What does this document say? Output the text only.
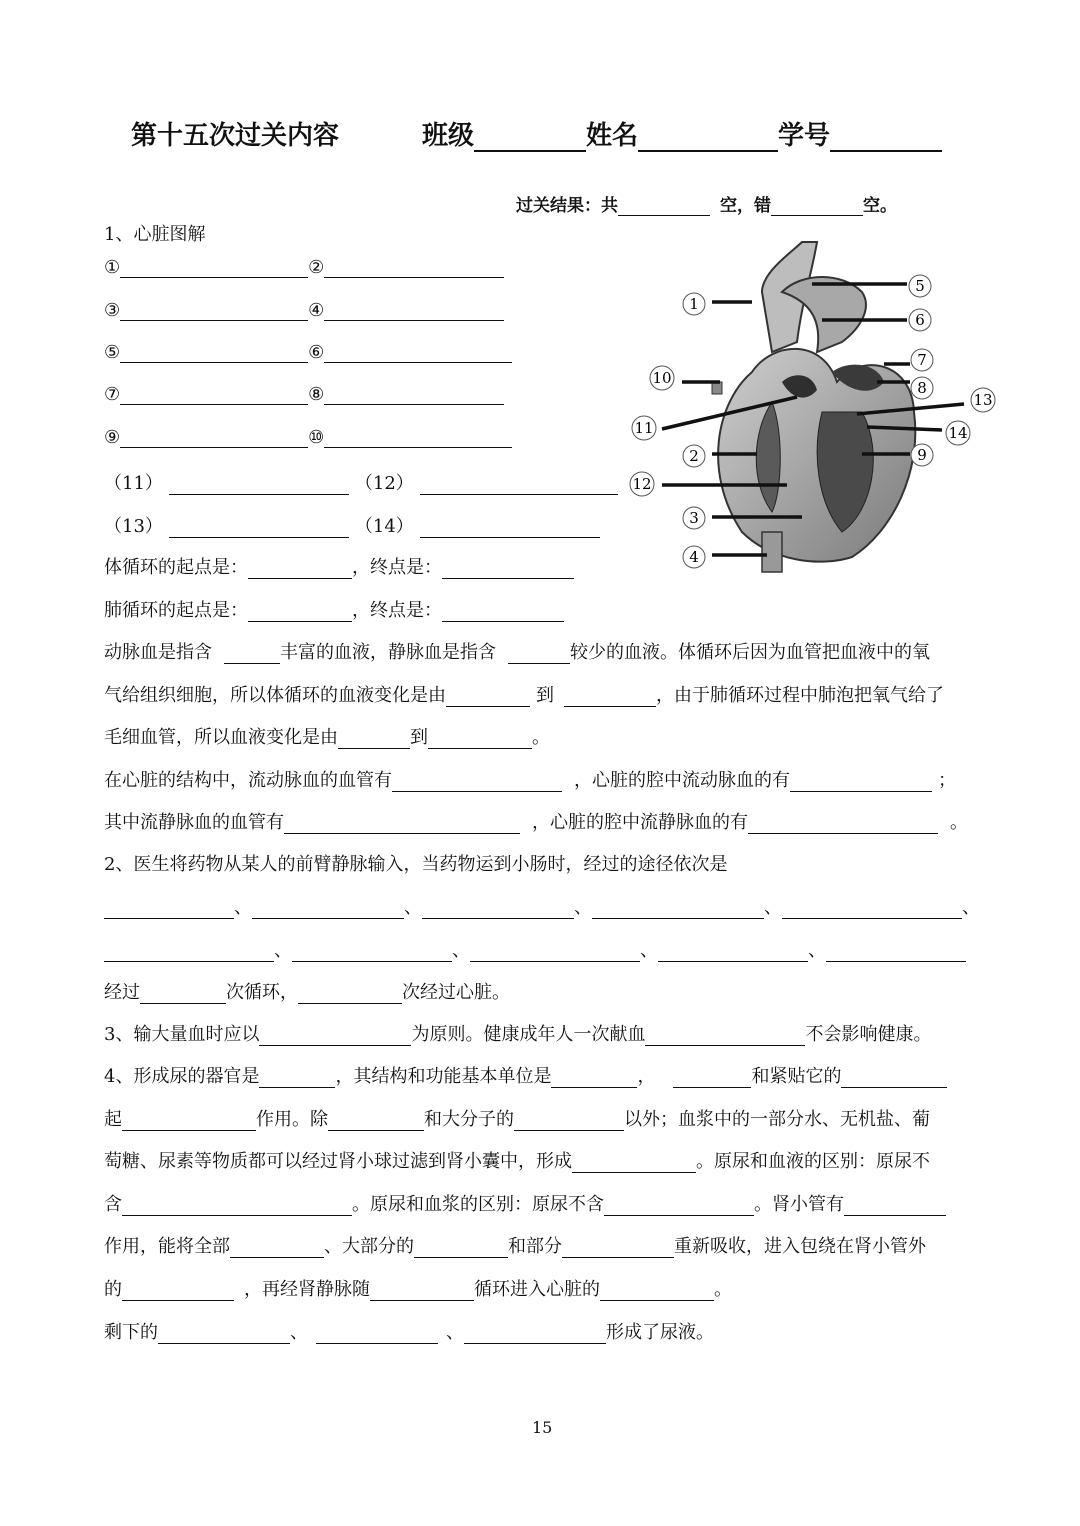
第十五次过关内容	班级	姓名	学号
过关结果：共	空，错	空。
1、心脏图解
①	②
③	④
⑤	⑥
⑦	⑧
⑨	⑩
（11）	（12）
（13）	（14）
体循环的起点是：	，终点是：
肺循环的起点是：	，终点是：
1
5
6
7
8
10
13
11	14
2	9
12
3
4
动脉血是指含	丰富的血液，静脉血是指含	较少的血液。体循环后因为血管把血液中的氧
气给组织细胞，所以体循环的血液变化是由	到	，由于肺循环过程中肺泡把氧气给了
毛细血管，所以血液变化是由	到	。
在心脏的结构中，流动脉血的血管有	，心脏的腔中流动脉血的有	；
其中流静脉血的血管有	，心脏的腔中流静脉血的有	。
2、医生将药物从某人的前臂静脉输入，当药物运到小肠时，经过的途径依次是
、	、	、	、	、
、	、	、	、
经过	次循环，	次经过心脏。
3、输大量血时应以	为原则。健康成年人一次献血	不会影响健康。
4、形成尿的器官是	，其结构和功能基本单位是	，	和紧贴它的
起	作用。除	和大分子的	以外；血浆中的一部分水、无机盐、葡
萄糖、尿素等物质都可以经过肾小球过滤到肾小囊中，形成	。原尿和血液的区别：原尿不
含	。原尿和血浆的区别：原尿不含	。肾小管有
作用，能将全部	、大部分的	和部分	重新吸收，进入包绕在肾小管外
的	，再经肾静脉随	循环进入心脏的	。
剩下的	、	、	形成了尿液。
15
